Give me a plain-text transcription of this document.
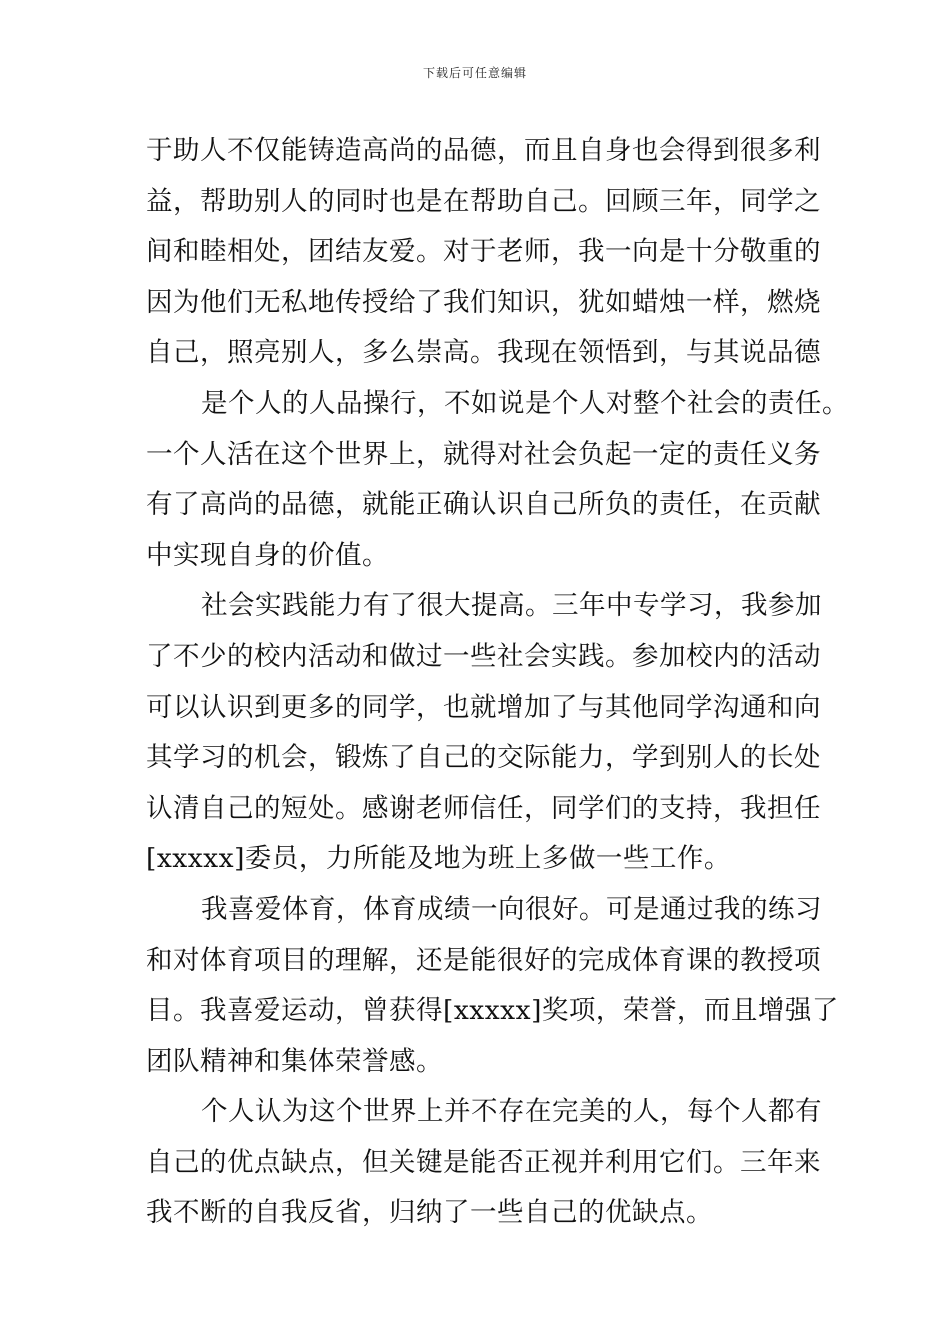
下载后可任意编辑
于助人不仅能铸造高尚的品德，而且自身也会得到很多利
益，帮助别人的同时也是在帮助自己。回顾三年，同学之
间和睦相处，团结友爱。对于老师，我一向是十分敬重的
因为他们无私地传授给了我们知识，犹如蜡烛一样，燃烧
自己，照亮别人，多么崇高。我现在领悟到，与其说品德
是个人的人品操行，不如说是个人对整个社会的责任。
一个人活在这个世界上，就得对社会负起一定的责任义务
有了高尚的品德，就能正确认识自己所负的责任，在贡献
中实现自身的价值。
社会实践能力有了很大提高。三年中专学习，我参加
了不少的校内活动和做过一些社会实践。参加校内的活动
可以认识到更多的同学，也就增加了与其他同学沟通和向
其学习的机会，锻炼了自己的交际能力，学到别人的长处
认清自己的短处。感谢老师信任，同学们的支持，我担任
[xxxxx]委员，力所能及地为班上多做一些工作。
我喜爱体育，体育成绩一向很好。可是通过我的练习
和对体育项目的理解，还是能很好的完成体育课的教授项
目。我喜爱运动，曾获得[xxxxx]奖项，荣誉，而且增强了
团队精神和集体荣誉感。
个人认为这个世界上并不存在完美的人，每个人都有
自己的优点缺点，但关键是能否正视并利用它们。三年来
我不断的自我反省，归纳了一些自己的优缺点。
